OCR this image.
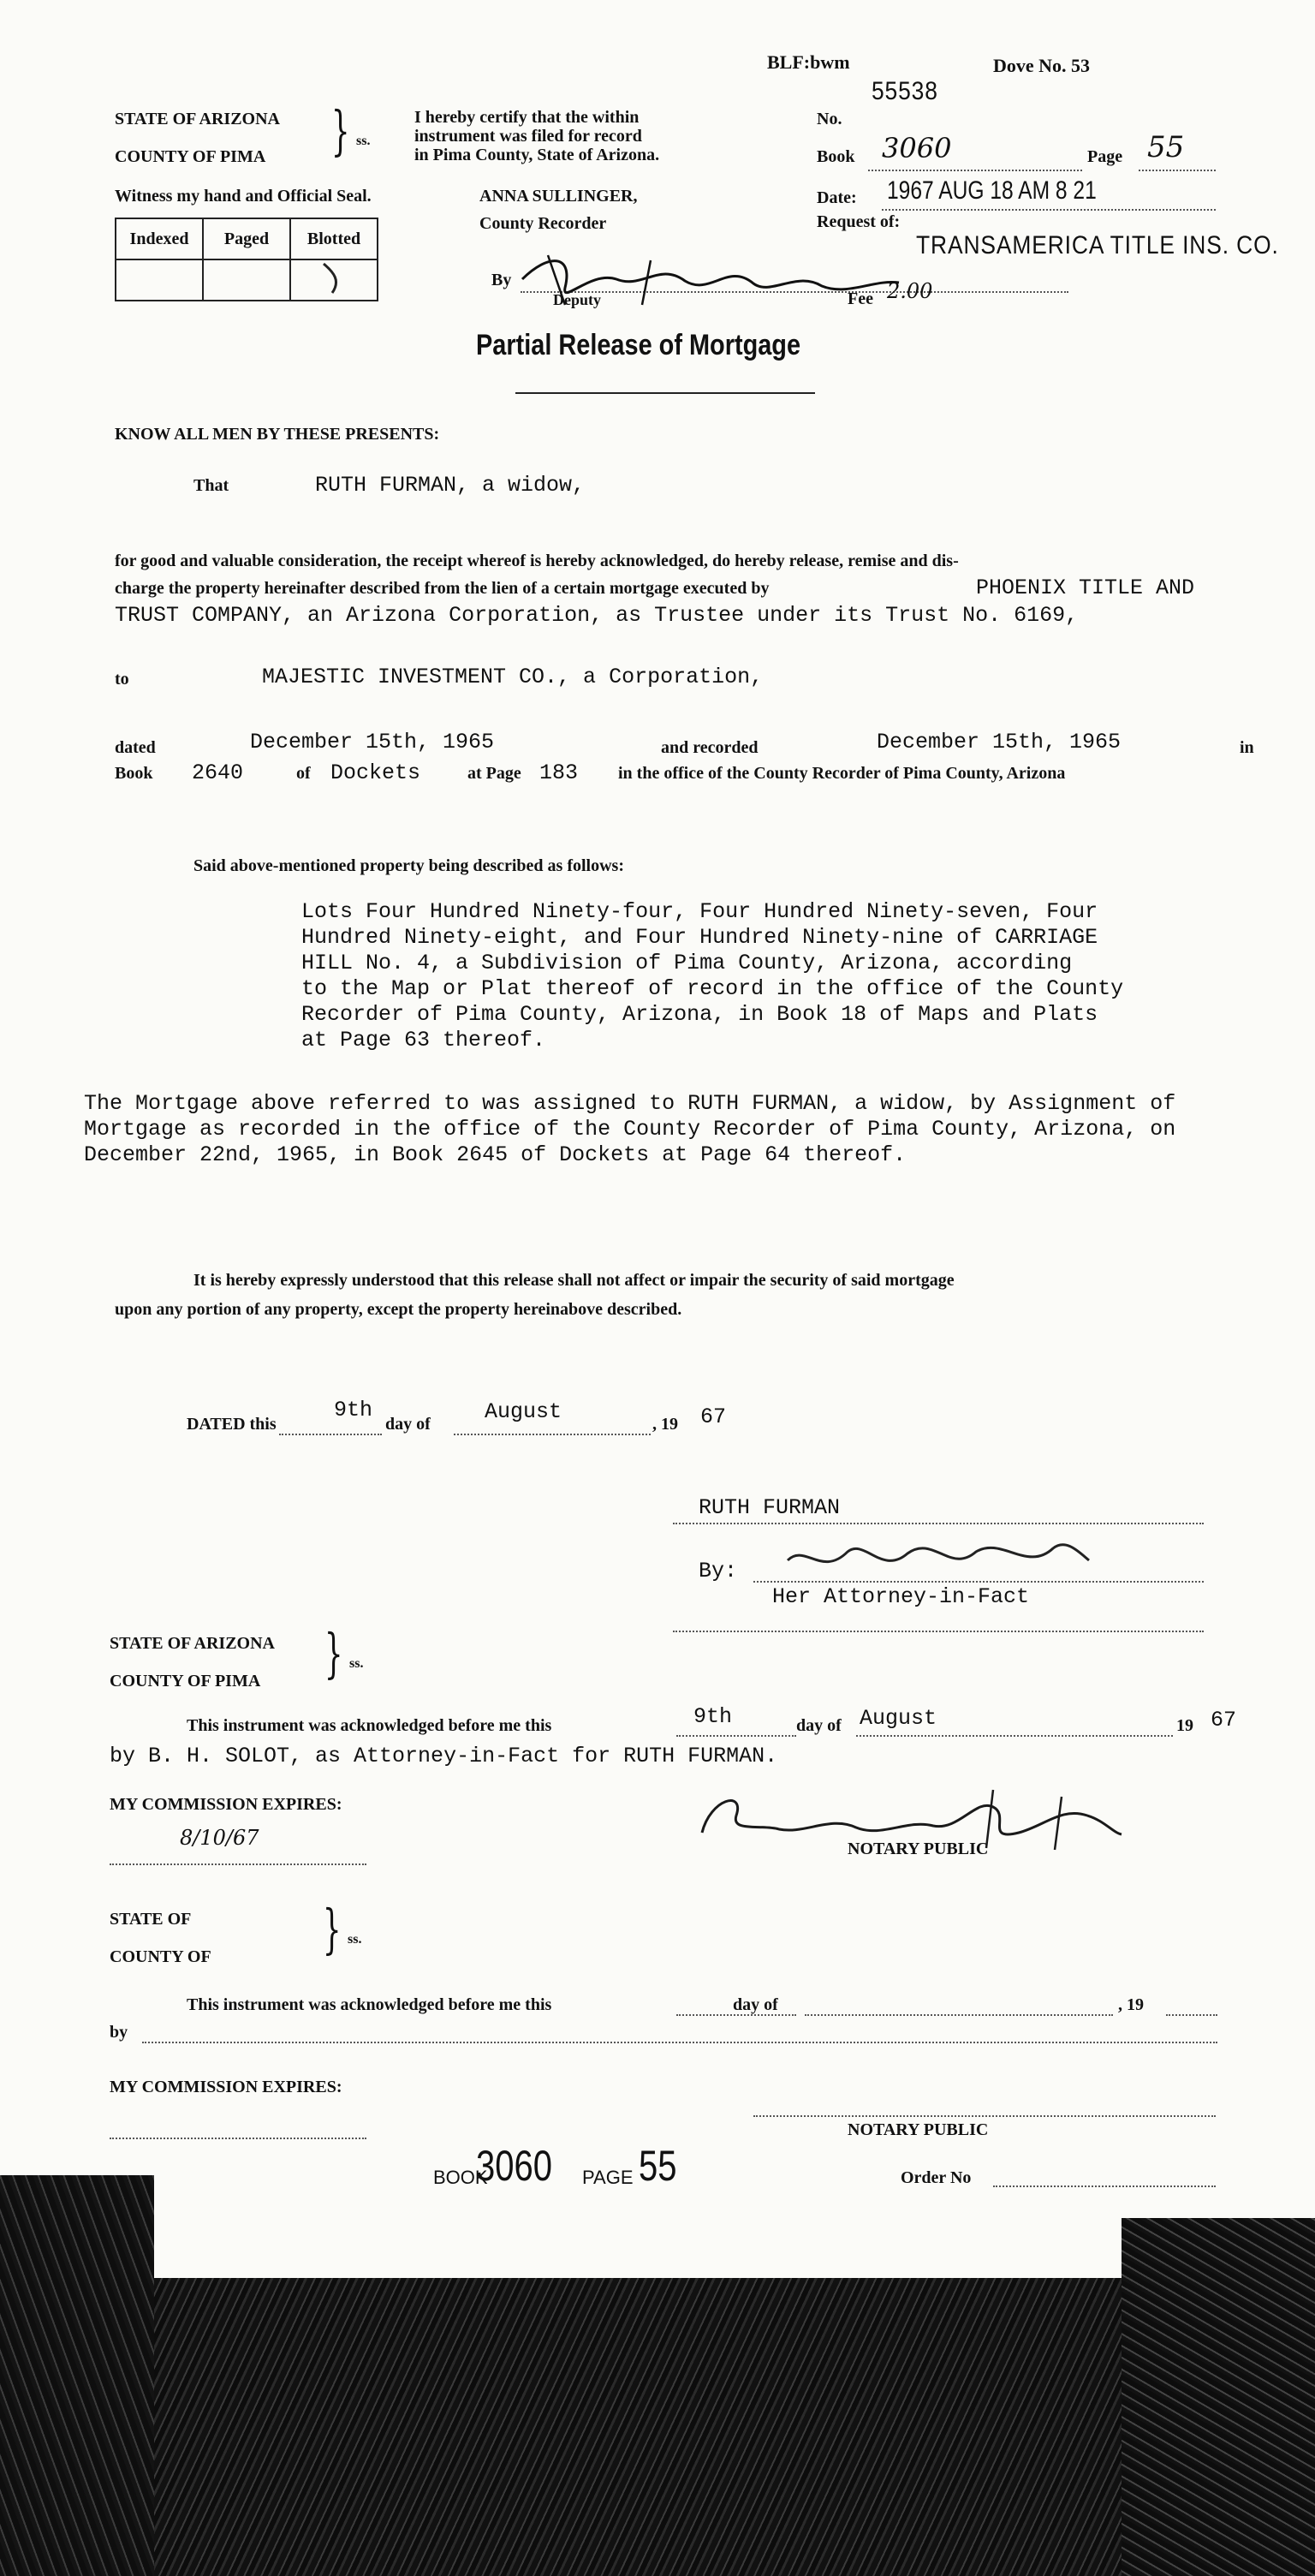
BLF:bwm	Dove No. 53
STATE OF ARIZONA
COUNTY OF PIMA } ss.
I hereby certify that the within
instrument was filed for record
in Pima County, State of Arizona.
Witness my hand and Official Seal.	ANNA SULLINGER,
County Recorder
Indexed	Paged	Blotted

By
Deputy
No.
55538
Book 3060	Page 55
Date: 1967 AUG 18 AM 8 21
Request of:
TRANSAMERICA TITLE INS. CO.
Fee 2.00
Partial Release of Mortgage
KNOW ALL MEN BY THESE PRESENTS:
That	RUTH FURMAN, a widow,
for good and valuable consideration, the receipt whereof is hereby acknowledged, do hereby release, remise and dis-
charge the property hereinafter described from the lien of a certain mortgage executed by	PHOENIX TITLE AND
TRUST COMPANY, an Arizona Corporation, as Trustee under its Trust No. 6169,
to	MAJESTIC INVESTMENT CO., a Corporation,
dated	December 15th, 1965	and recorded	December 15th, 1965	in
Book 2640	of Dockets	at Page 183 in the office of the County Recorder of Pima County, Arizona
Said above-mentioned property being described as follows:
Lots Four Hundred Ninety-four, Four Hundred Ninety-seven, Four
Hundred Ninety-eight, and Four Hundred Ninety-nine of CARRIAGE
HILL No. 4, a Subdivision of Pima County, Arizona, according
to the Map or Plat thereof of record in the office of the County
Recorder of Pima County, Arizona, in Book 18 of Maps and Plats
at Page 63 thereof.
The Mortgage above referred to was assigned to RUTH FURMAN, a widow, by Assignment of
Mortgage as recorded in the office of the County Recorder of Pima County, Arizona, on
December 22nd, 1965, in Book 2645 of Dockets at Page 64 thereof.
It is hereby expressly understood that this release shall not affect or impair the security of said mortgage
upon any portion of any property, except the property hereinabove described.
DATED this
9th
day of	August	, 19 67
RUTH FURMAN
By:
Her Attorney-in-Fact
STATE OF ARIZONA
COUNTY OF PIMA } ss.
This instrument was acknowledged before me this	9th	day of August	19 67
by B. H. SOLOT, as Attorney-in-Fact for RUTH FURMAN.
MY COMMISSION EXPIRES:
8/10/67	NOTARY PUBLIC
STATE OF
COUNTY OF } ss.
This instrument was acknowledged before me this	day of	, 19
by
MY COMMISSION EXPIRES:
NOTARY PUBLIC
Order No
BOOK
3060 PAGE 55
